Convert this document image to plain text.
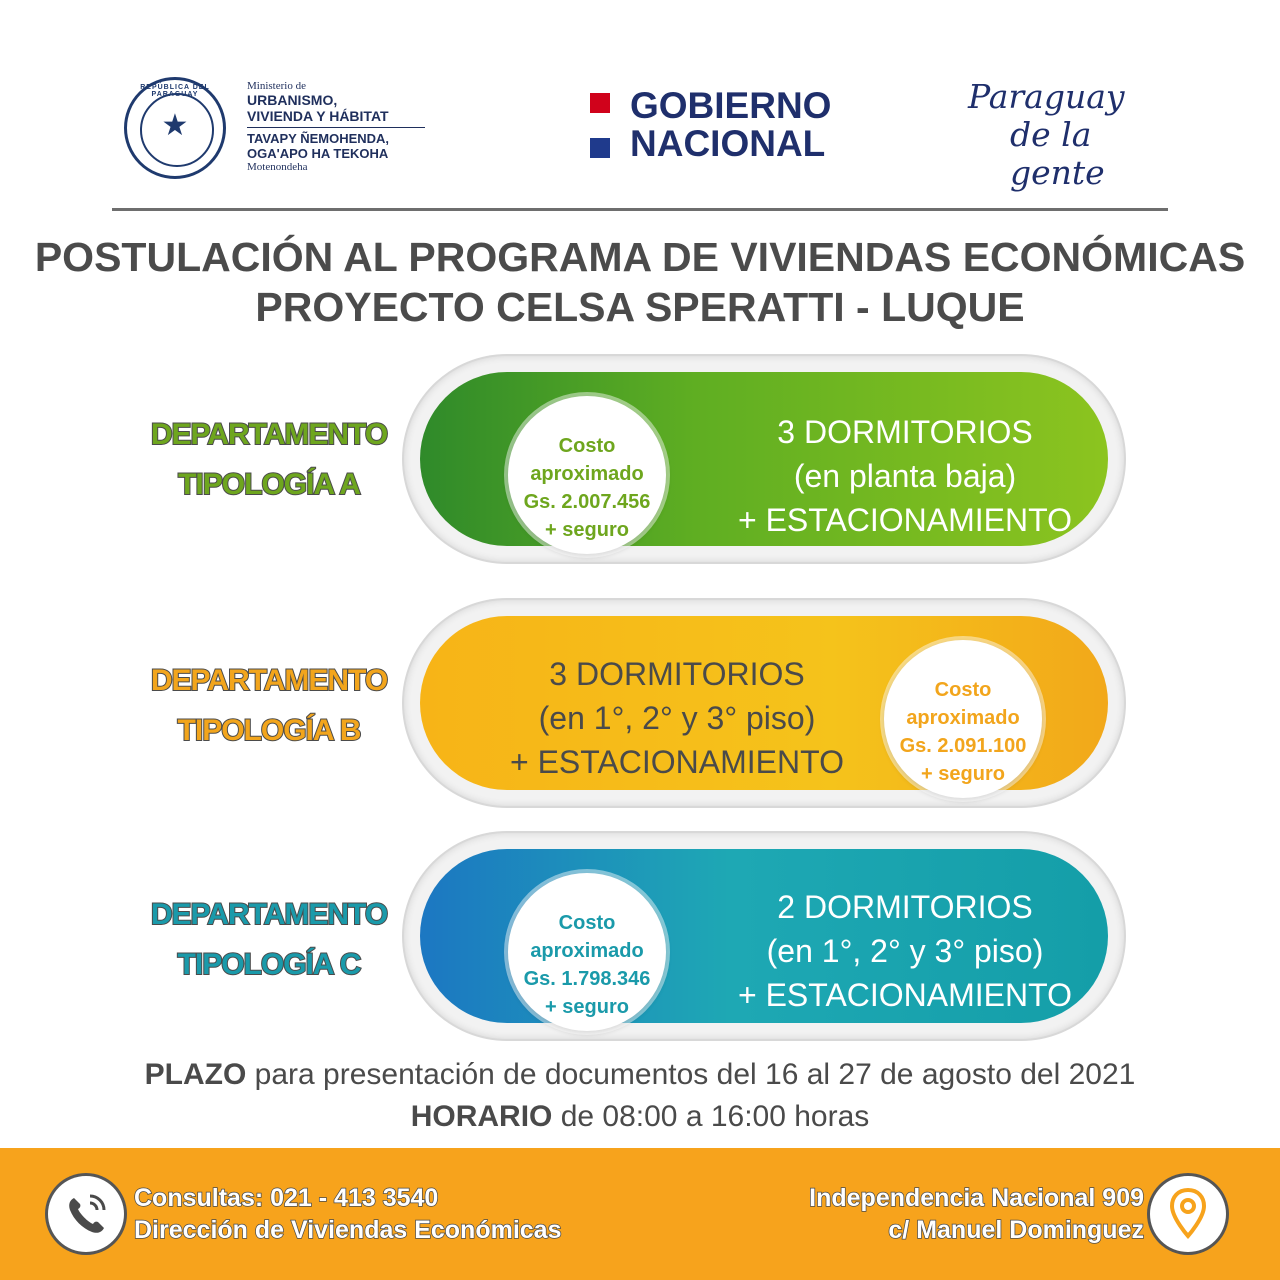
REPÚBLICA DEL PARAGUAY
★
Ministerio de
URBANISMO,
VIVIENDA Y HÁBITAT
TAVAPY ÑEMOHENDA,
OGA'APO HA TEKOHA
Motenondeha
GOBIERNO
NACIONAL
Paraguay
de la gente
POSTULACIÓN AL PROGRAMA DE VIVIENDAS ECONÓMICAS
PROYECTO CELSA SPERATTI - LUQUE
DEPARTAMENTO
TIPOLOGÍA A
Costo
aproximado
Gs. 2.007.456
+ seguro
3 DORMITORIOS
(en planta baja)
+ ESTACIONAMIENTO
DEPARTAMENTO
TIPOLOGÍA B
3 DORMITORIOS
(en 1°, 2° y 3° piso)
+ ESTACIONAMIENTO
Costo
aproximado
Gs. 2.091.100
+ seguro
DEPARTAMENTO
TIPOLOGÍA C
Costo
aproximado
Gs. 1.798.346
+ seguro
2 DORMITORIOS
(en 1°, 2° y 3° piso)
+ ESTACIONAMIENTO
PLAZO para presentación de documentos del 16 al 27 de agosto del 2021
HORARIO de 08:00 a 16:00 horas
Consultas: 021 - 413 3540
Dirección de Viviendas Económicas
Independencia Nacional 909
c/ Manuel Dominguez
